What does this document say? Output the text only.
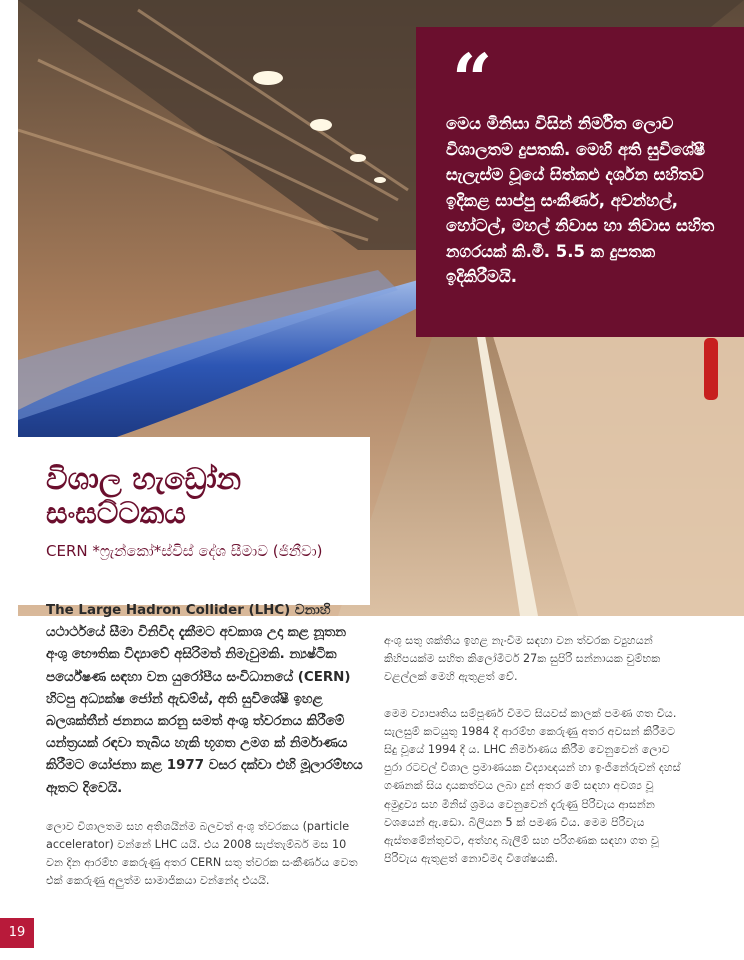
“
මෙය මිනිසා විසින් නිර්මිත ලොව විශාලතම දුපතකි. මෙහි අති සුවිශේෂී සැලැස්ම වූයේ සිත්කළු දර්ශන සහිතව ඉදිකළ සාප්පු සංකීර්ණ, අවන්හල්, හෝටල්, මහල් නිවාස හා නිවාස සහිත නගරයක් කි.මී. 5.5 ක දුපතක ඉදිකිරීමයි.
විශාල හැඩ්‍රෝන සංඝට්ටකය
CERN *ෆ්‍රැන්කෝ*ස්විස් දේශ සීමාව (ජිනීවා)

The Large Hadron Collider (LHC) වනාහි යථාර්ථයේ සීමා විනිවිද දැකීමට අවකාශ උදා කළ නූතන අංශු භෞතික විද්‍යාවේ අසිරිමත් නිමැවුමකි. න්‍යෂ්ටික පර්යේෂණ සඳහා වන යුරෝපීය සංවිධානයේ (CERN) හිටපු අධ්‍යක්ෂ ජෝන් ඇඩම්ස්, අති සුවිශේෂී ඉහළ බලශක්තීන් ජනනය කරනු සමත් අංශු ත්වරනය කිරීමේ යන්ත්‍රයක් රඳවා තැබිය හැකි භූගත උමග ක් නිර්මාණය කිරීමට යෝජනා කළ 1977 වසර දක්වා එහි මූලාරම්භය ඈතට දිවෙයි.

ලොව විශාලතම සහ අතිශයින්ම බලවත් අංශු ත්වරකය (particle accelerator) වන්නේ LHC යයි. එය 2008 සැප්තැම්බර් මස 10 වන දින ආරම්භ කෙරුණු අතර CERN සතු ත්වරක සංකීර්ණය වෙත එක් කෙරුණු අලුත්ම සාමාජිකයා වන්නේද එයයි.

අංශු සතු ශක්තිය ඉහළ නැංවීම සඳහා වන ත්වරක ව්‍යුහයන් කිහිපයක්ම සහිත කිලෝමීටර් 27ක සුපිරි සන්නායක චුම්භක වළල්ලක් මෙහි ඇතුළත් වේ.

මෙම ව්‍යාපෘතිය සම්පූර්ණ වීමට සියවස් කාලක් පමණ ගත විය. සැලසුම් කටයුතු 1984 දී ආරම්භ කෙරුණු අතර අවසන් කිරීමට සිදු වූයේ 1994 දී ය. LHC නිර්මාණය කිරීම වෙනුවෙන් ලොව පුරා රටවල් විශාල ප්‍රමාණයක විද්‍යාඥයන් හා ඉංජිනේරුවන් දහස් ගණනක් සිය දායකත්වය ලබා දුන් අතර මේ සඳහා අවශ්‍ය වූ අමුද්‍රව්‍ය සහ මිනිස් ශ්‍රමය වෙනුවෙන් දැරුණු පිරිවැය ආසන්න වශයෙන් ඇ.ඩො. බිලියන 5 ක් පමණ විය. මෙම පිරිවැය ඇස්තමේන්තුවට, අත්හදා බැලීම් සහ පරිගණක සඳහා ගත වූ පිරිවැය ඇතුළත් නොවීමද විශේෂයකි.

19
